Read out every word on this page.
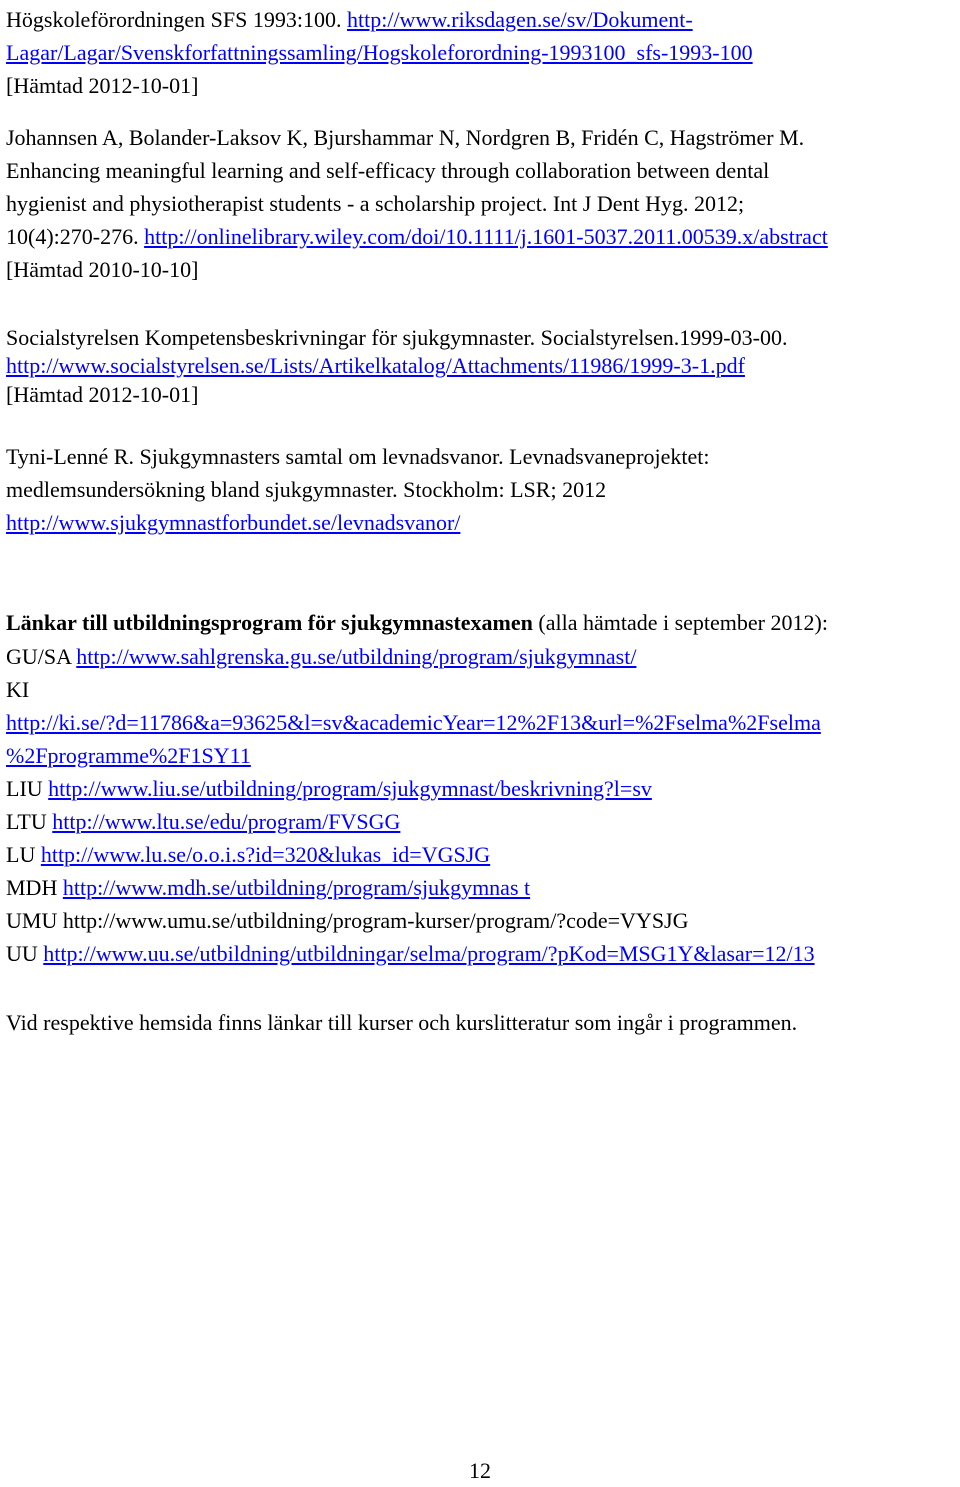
Högskoleförordningen SFS 1993:100. http://www.riksdagen.se/sv/Dokument-
Lagar/Lagar/Svenskforfattningssamling/Hogskoleforordning-1993100_sfs-1993-100
[Hämtad 2012-10-01]
Johannsen A, Bolander-Laksov K, Bjurshammar N, Nordgren B, Fridén C, Hagströmer M.
Enhancing meaningful learning and self-efficacy through collaboration between dental
hygienist and physiotherapist students - a scholarship project. Int J Dent Hyg. 2012;
10(4):270-276. http://onlinelibrary.wiley.com/doi/10.1111/j.1601-5037.2011.00539.x/abstract
[Hämtad 2010-10-10]
Socialstyrelsen Kompetensbeskrivningar för sjukgymnaster. Socialstyrelsen.1999-03-00.
http://www.socialstyrelsen.se/Lists/Artikelkatalog/Attachments/11986/1999-3-1.pdf
[Hämtad 2012-10-01]
Tyni-Lenné R. Sjukgymnasters samtal om levnadsvanor. Levnadsvaneprojektet:
medlemsundersökning bland sjukgymnaster. Stockholm: LSR; 2012
http://www.sjukgymnastforbundet.se/levnadsvanor/
Länkar till utbildningsprogram för sjukgymnastexamen (alla hämtade i september 2012):
GU/SA http://www.sahlgrenska.gu.se/utbildning/program/sjukgymnast/
KI
http://ki.se/?d=11786&a=93625&l=sv&academicYear=12%2F13&url=%2Fselma%2Fselma
%2Fprogramme%2F1SY11
LIU http://www.liu.se/utbildning/program/sjukgymnast/beskrivning?l=sv
LTU http://www.ltu.se/edu/program/FVSGG
LU http://www.lu.se/o.o.i.s?id=320&lukas_id=VGSJG
MDH http://www.mdh.se/utbildning/program/sjukgymnas t
UMU http://www.umu.se/utbildning/program-kurser/program/?code=VYSJG
UU http://www.uu.se/utbildning/utbildningar/selma/program/?pKod=MSG1Y&lasar=12/13
Vid respektive hemsida finns länkar till kurser och kurslitteratur som ingår i programmen.
12
